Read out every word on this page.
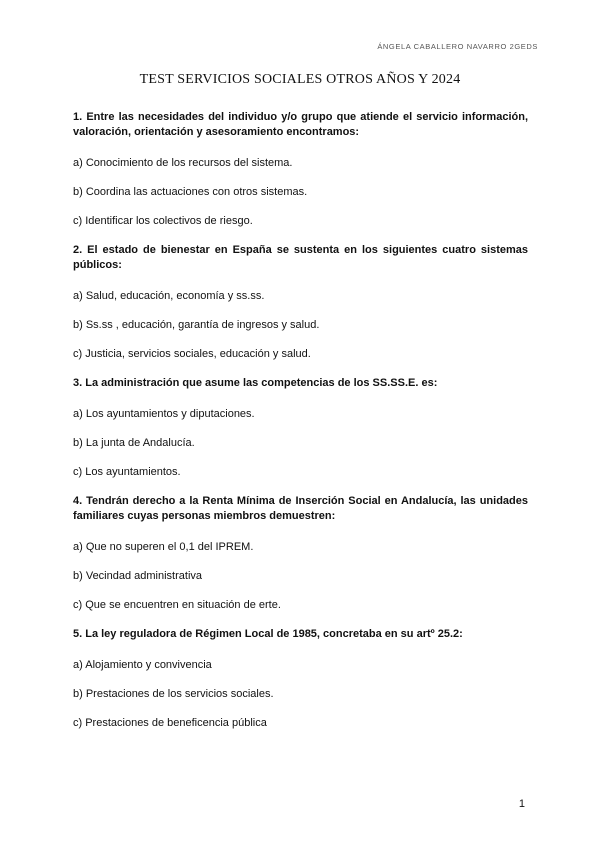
ÁNGELA CABALLERO NAVARRO 2GEDS
TEST SERVICIOS SOCIALES OTROS AÑOS Y 2024

1. Entre las necesidades del individuo y/o grupo que atiende el servicio información, valoración, orientación y asesoramiento encontramos:

a) Conocimiento de los recursos del sistema.

b) Coordina las actuaciones con otros sistemas.

c) Identificar los colectivos de riesgo.

2. El estado de bienestar en España se sustenta en los siguientes cuatro sistemas públicos:

a) Salud, educación, economía y ss.ss.

b) Ss.ss , educación, garantía de ingresos y salud.

c) Justicia, servicios sociales, educación y salud.

3. La administración que asume las competencias de los SS.SS.E. es:

a) Los ayuntamientos y diputaciones.

b) La junta de Andalucía.

c) Los ayuntamientos.

4. Tendrán derecho a la Renta Mínima de Inserción Social en Andalucía, las unidades familiares cuyas personas miembros demuestren:

a) Que no superen el 0,1 del IPREM.

b) Vecindad administrativa

c) Que se encuentren en situación de erte.

5. La ley reguladora de Régimen Local de 1985, concretaba en su artº 25.2:

a) Alojamiento y convivencia

b) Prestaciones de los servicios sociales.

c) Prestaciones de beneficencia pública

1
